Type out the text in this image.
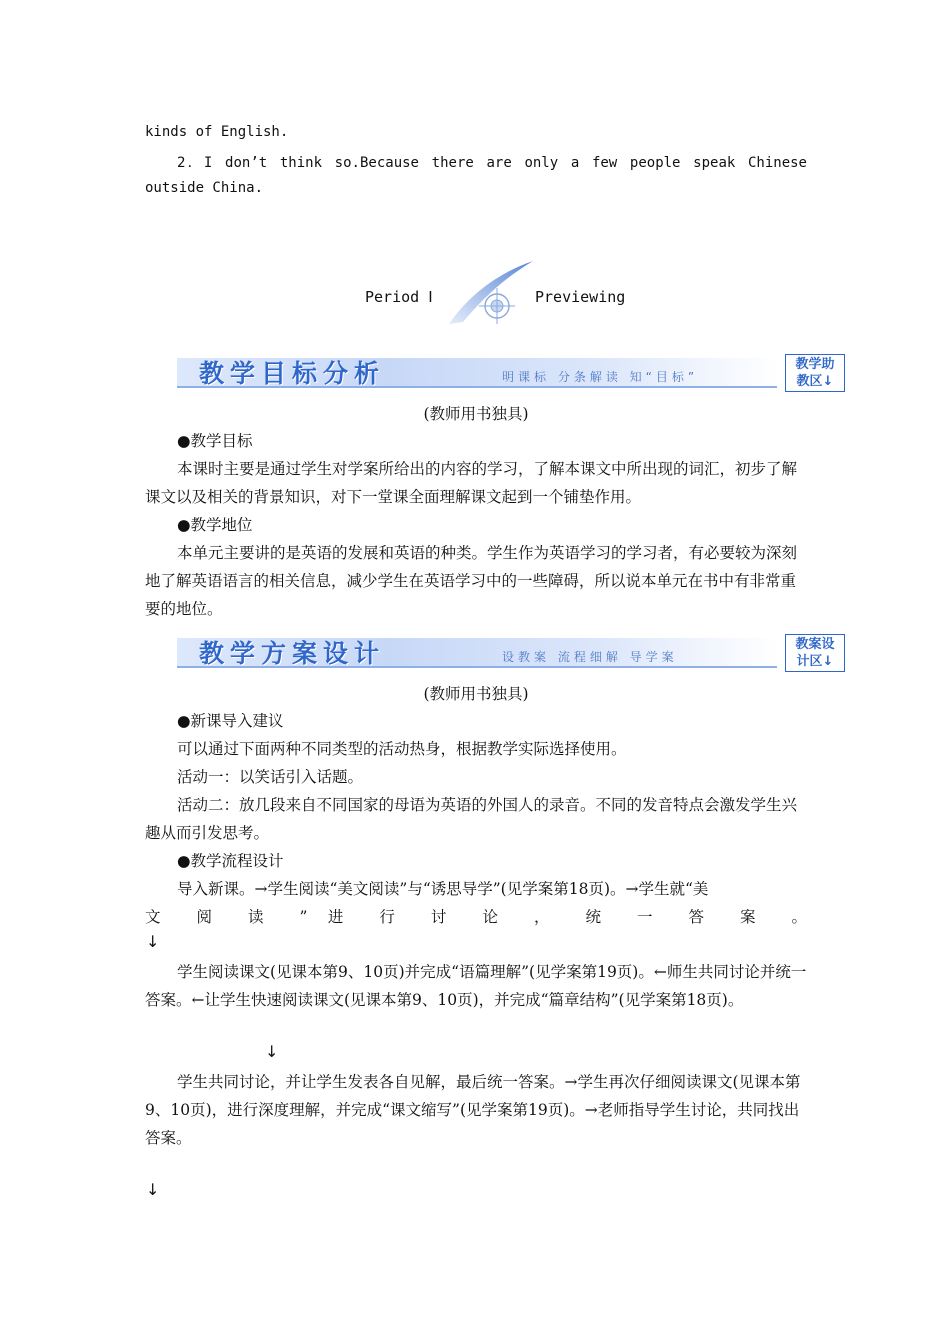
kinds of English.
2．I don’t think so.Because there are only a few people speak Chinese
outside China.
Period Ⅰ	Previewing
教学目标分析	明课标 分条解读 知“目标”
教学助
教区↓
(教师用书独具)
●教学目标
本课时主要是通过学生对学案所给出的内容的学习，了解本课文中所出现的词汇，初步了解课文以及相关的背景知识，对下一堂课全面理解课文起到一个铺垫作用。
●教学地位
本单元主要讲的是英语的发展和英语的种类。学生作为英语学习的学习者，有必要较为深刻地了解英语语言的相关信息，减少学生在英语学习中的一些障碍，所以说本单元在书中有非常重要的地位。
教学方案设计	设教案 流程细解 导学案
教案设
计区↓
(教师用书独具)
●新课导入建议
可以通过下面两种不同类型的活动热身，根据教学实际选择使用。
活动一：以笑话引入话题。
活动二：放几段来自不同国家的母语为英语的外国人的录音。不同的发音特点会激发学生兴趣从而引发思考。
●教学流程设计
导入新课。→学生阅读“美文阅读”与“诱思导学”(见学案第18页)。→学生就“美
文 阅 读 ” 进 行 讨 论 ， 统 一 答 案 。
↓
学生阅读课文(见课本第9、10页)并完成“语篇理解”(见学案第19页)。←师生共同讨论并统一答案。←让学生快速阅读课文(见课本第9、10页)，并完成“篇章结构”(见学案第18页)。
↓
学生共同讨论，并让学生发表各自见解，最后统一答案。→学生再次仔细阅读课文(见课本第9、10页)，进行深度理解，并完成“课文缩写”(见学案第19页)。→老师指导学生讨论，共同找出答案。
↓
